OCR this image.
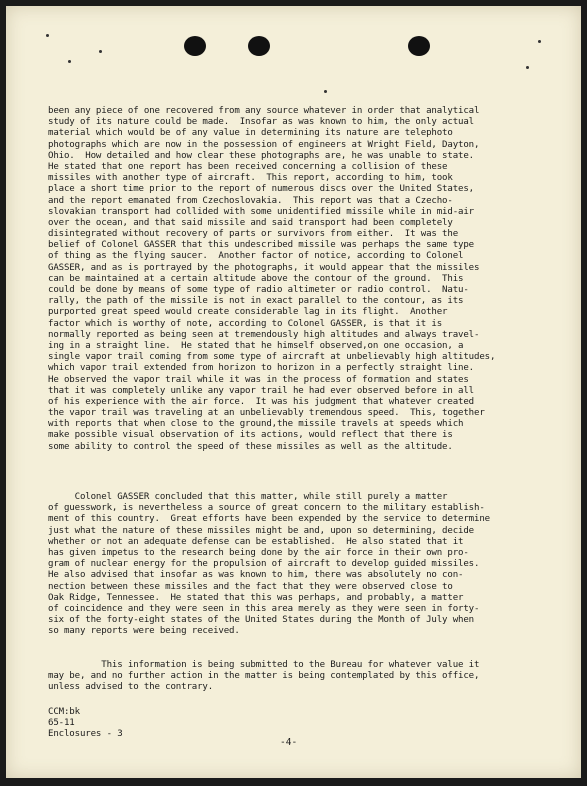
been any piece of one recovered from any source whatever in order that analytical
study of its nature could be made.  Insofar as was known to him, the only actual
material which would be of any value in determining its nature are telephoto
photographs which are now in the possession of engineers at Wright Field, Dayton,
Ohio.  How detailed and how clear these photographs are, he was unable to state.
He stated that one report has been received concerning a collision of these
missiles with another type of aircraft.  This report, according to him, took
place a short time prior to the report of numerous discs over the United States,
and the report emanated from Czechoslovakia.  This report was that a Czecho-
slovakian transport had collided with some unidentified missile while in mid-air
over the ocean, and that said missile and said transport had been completely
disintegrated without recovery of parts or survivors from either.  It was the
belief of Colonel GASSER that this undescribed missile was perhaps the same type
of thing as the flying saucer.  Another factor of notice, according to Colonel
GASSER, and as is portrayed by the photographs, it would appear that the missiles
can be maintained at a certain altitude above the contour of the ground.  This
could be done by means of some type of radio altimeter or radio control.  Natu-
rally, the path of the missile is not in exact parallel to the contour, as its
purported great speed would create considerable lag in its flight.  Another
factor which is worthy of note, according to Colonel GASSER, is that it is
normally reported as being seen at tremendously high altitudes and always travel-
ing in a straight line.  He stated that he himself observed,on one occasion, a
single vapor trail coming from some type of aircraft at unbelievably high altitudes,
which vapor trail extended from horizon to horizon in a perfectly straight line.
He observed the vapor trail while it was in the process of formation and states
that it was completely unlike any vapor trail he had ever observed before in all
of his experience with the air force.  It was his judgment that whatever created
the vapor trail was traveling at an unbelievably tremendous speed.  This, together
with reports that when close to the ground,the missile travels at speeds which
make possible visual observation of its actions, would reflect that there is
some ability to control the speed of these missiles as well as the altitude.
Colonel GASSER concluded that this matter, while still purely a matter
of guesswork, is nevertheless a source of great concern to the military establish-
ment of this country.  Great efforts have been expended by the service to determine
just what the nature of these missiles might be and, upon so determining, decide
whether or not an adequate defense can be established.  He also stated that it
has given impetus to the research being done by the air force in their own pro-
gram of nuclear energy for the propulsion of aircraft to develop guided missiles.
He also advised that insofar as was known to him, there was absolutely no con-
nection between these missiles and the fact that they were observed close to
Oak Ridge, Tennessee.  He stated that this was perhaps, and probably, a matter
of coincidence and they were seen in this area merely as they were seen in forty-
six of the forty-eight states of the United States during the Month of July when
so many reports were being received.
This information is being submitted to the Bureau for whatever value it
may be, and no further action in the matter is being contemplated by this office,
unless advised to the contrary.
CCM:bk
65-11
Enclosures - 3
-4-
